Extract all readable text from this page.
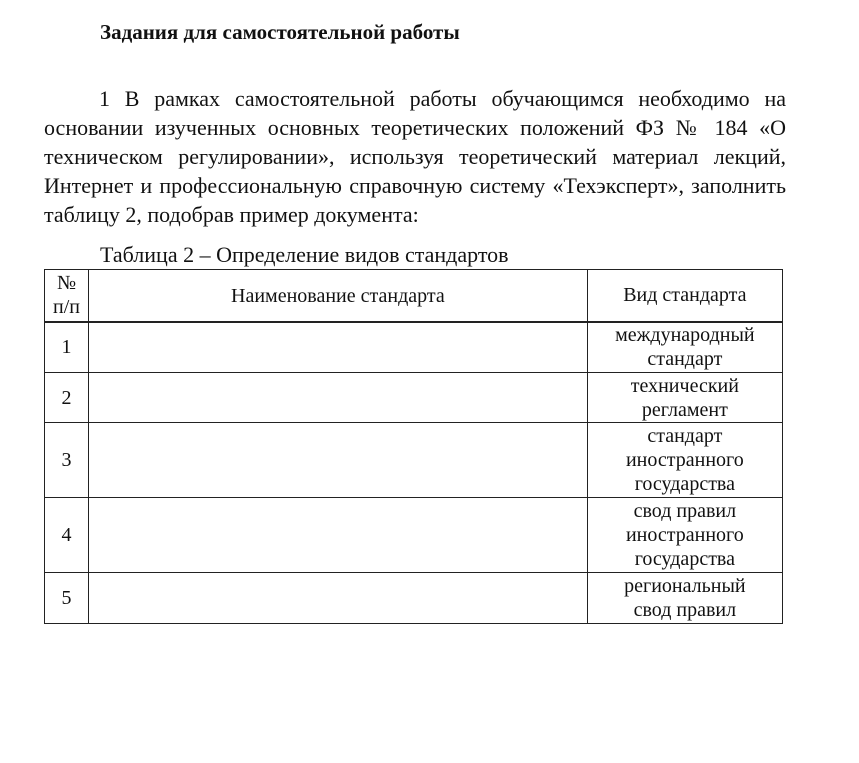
Задания для самостоятельной работы

1 В рамках самостоятельной работы обучающимся необходимо на основании изученных основных теоретических положений ФЗ № 184 «О техническом регулировании», используя теоретический материал лекций, Интернет и профессиональную справочную систему «Техэксперт», заполнить таблицу 2, подобрав пример документа:

Таблица 2 – Определение видов стандартов
№
п/п	Наименование стандарта	Вид стандарта
1		международный
стандарт

2		технический
регламент

3		стандарт
иностранного
государства

4		свод правил
иностранного
государства

5		региональный
свод правил
